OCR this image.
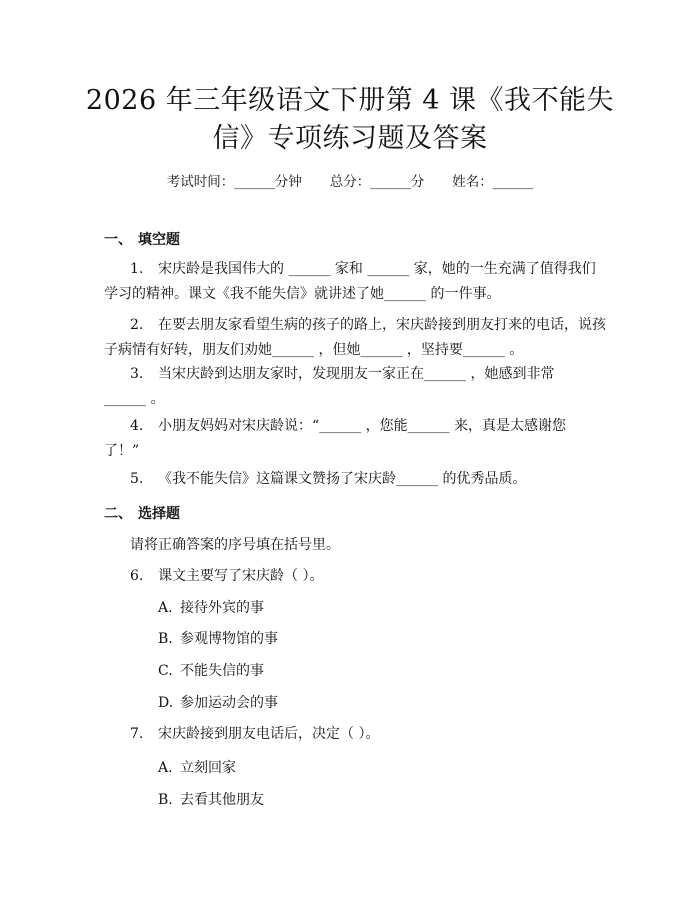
2026 年三年级语文下册第 4 课《我不能失
信》专项练习题及答案
考试时间：______分钟 总分：______分 姓名：______
一、 填空题
1. 宋庆龄是我国伟大的 ______ 家和 ______ 家，她的一生充满了值得我们
学习的精神。课文《我不能失信》就讲述了她______ 的一件事。
2. 在要去朋友家看望生病的孩子的路上，宋庆龄接到朋友打来的电话，说孩
子病情有好转，朋友们劝她______ ，但她______ ，坚持要______ 。
3. 当宋庆龄到达朋友家时，发现朋友一家正在______ ，她感到非常
______ 。
4. 小朋友妈妈对宋庆龄说：“______ ，您能______ 来，真是太感谢您
了！”
5. 《我不能失信》这篇课文赞扬了宋庆龄______ 的优秀品质。
二、 选择题
请将正确答案的序号填在括号里。
6. 课文主要写了宋庆龄（ ）。
A. 接待外宾的事
B. 参观博物馆的事
C. 不能失信的事
D. 参加运动会的事
7. 宋庆龄接到朋友电话后，决定（ ）。
A. 立刻回家
B. 去看其他朋友
